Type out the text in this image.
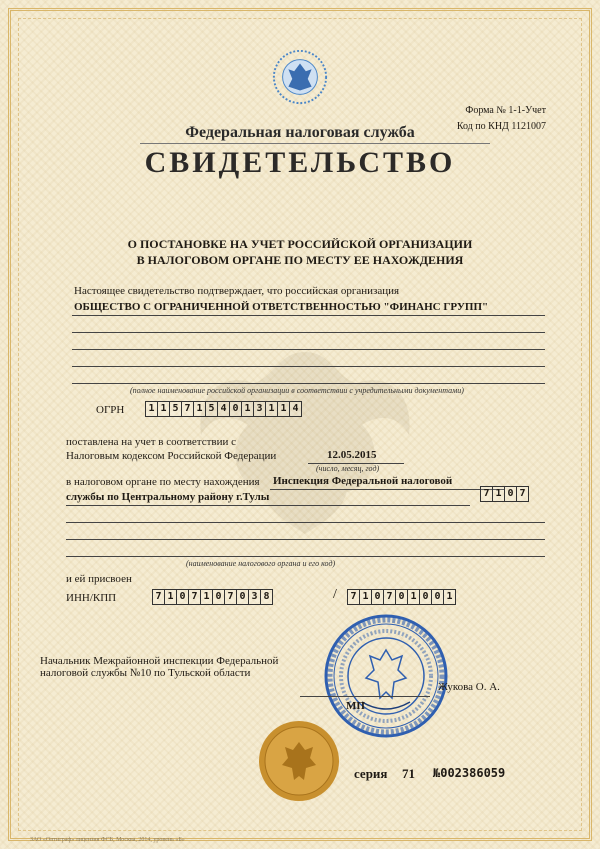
Форма № 1-1-Учет
Код по КНД 1121007
Федеральная налоговая служба
СВИДЕТЕЛЬСТВО
О ПОСТАНОВКЕ НА УЧЕТ РОССИЙСКОЙ ОРГАНИЗАЦИИ
В НАЛОГОВОМ ОРГАНЕ ПО МЕСТУ ЕЕ НАХОЖДЕНИЯ
Настоящее свидетельство подтверждает, что российская организация
ОБЩЕСТВО С ОГРАНИЧЕННОЙ ОТВЕТСТВЕННОСТЬЮ "ФИНАНС ГРУПП"
(полное наименование российской организации в соответствии с учредительными документами)
ОГРН	1 1 5 7 1 5 4 0 1 3 1 1 4
поставлена на учет в соответствии с
Налоговым кодексом Российской Федерации	12.05.2015
(число, месяц, год)
в налоговом органе по месту нахождения Инспекция Федеральной налоговой
службы по Центральному району г.Тулы	7 1 0 7
(наименование налогового органа и его код)
и ей присвоен
ИНН/КПП	7 1 0 7 1 0 7 0 3 8	/	7 1 0 7 0 1 0 0 1
Начальник Межрайонной инспекции Федеральной
налоговой службы №10 по Тульской области
МП
Жукова О. А.
серия 71 №002386059
ЗАО «Оптиграф» лицензия ФСБ, Москва, 2014, уровень «Б»
